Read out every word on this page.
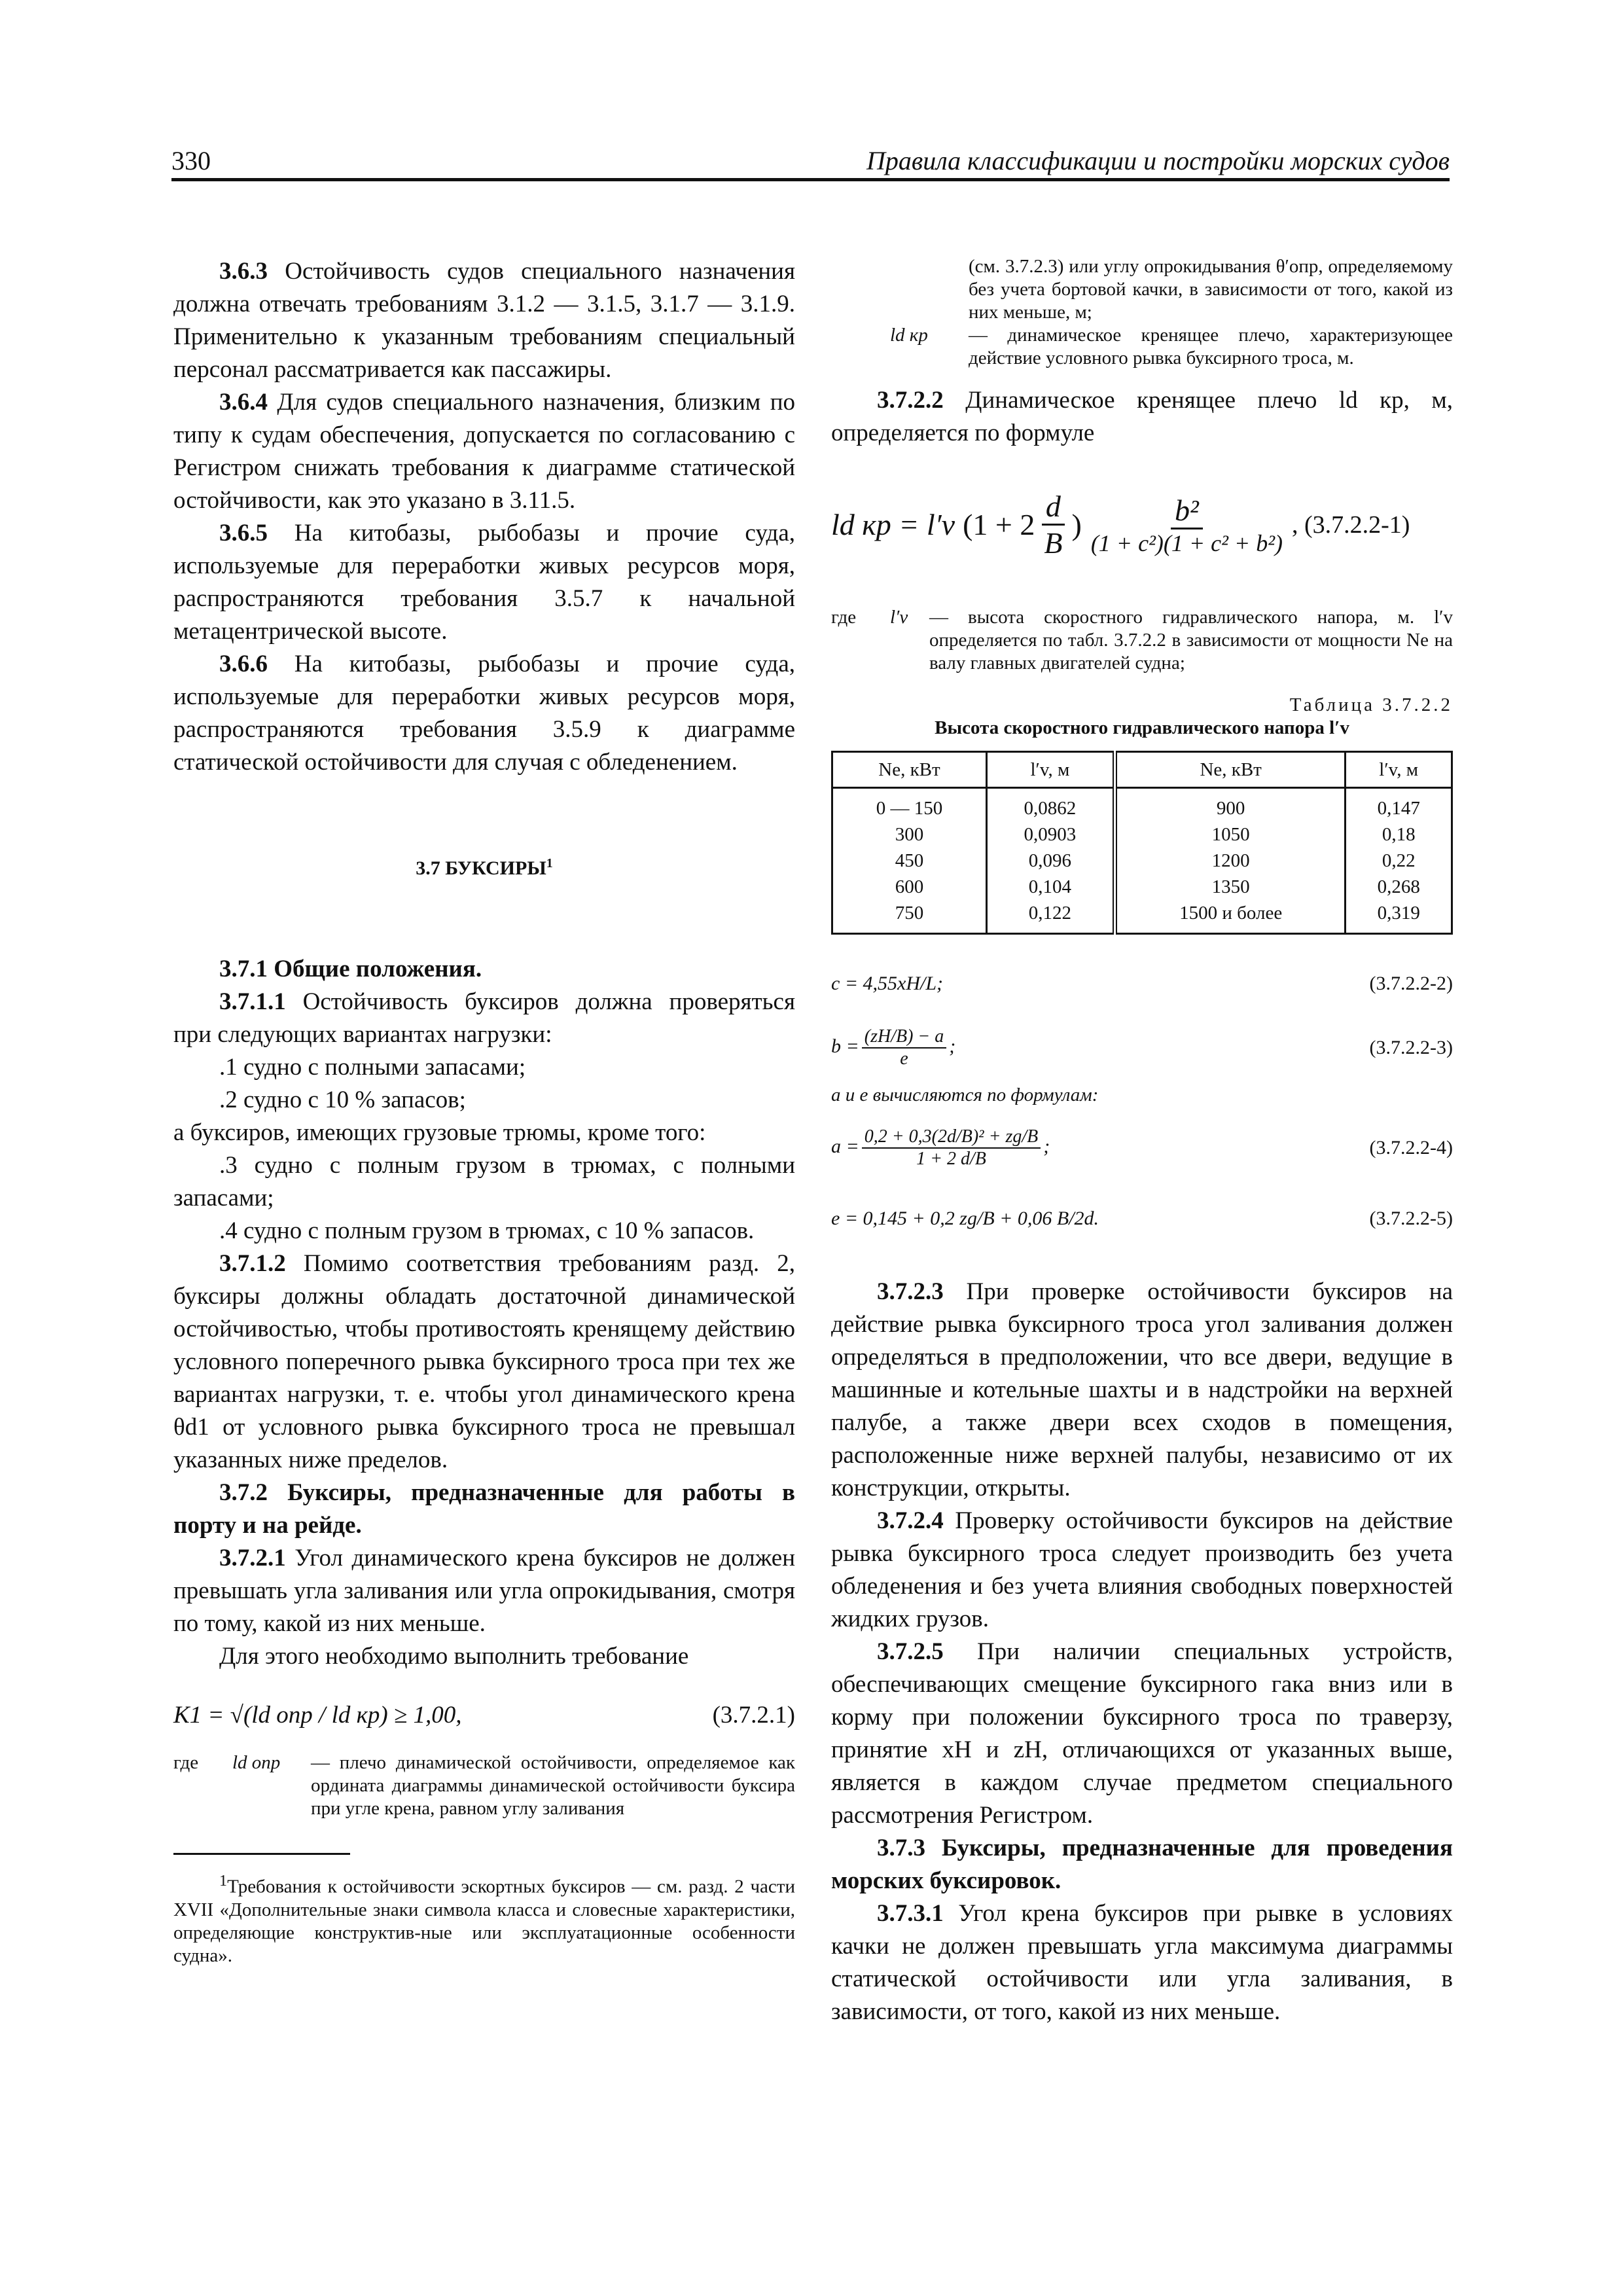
330	Правила классификации и постройки морских судов

3.6.3 Остойчивость судов специального назначения должна отвечать требованиям 3.1.2 — 3.1.5, 3.1.7 — 3.1.9. Применительно к указанным требованиям специальный персонал рассматривается как пассажиры.

3.6.4 Для судов специального назначения, близким по типу к судам обеспечения, допускается по согласованию с Регистром снижать требования к диаграмме статической остойчивости, как это указано в 3.11.5.

3.6.5 На китобазы, рыбобазы и прочие суда, используемые для переработки живых ресурсов моря, распространяются требования 3.5.7 к начальной метацентрической высоте.

3.6.6 На китобазы, рыбобазы и прочие суда, используемые для переработки живых ресурсов моря, распространяются требования 3.5.9 к диаграмме статической остойчивости для случая с обледенением.

3.7 БУКСИРЫ$^1$

3.7.1 Общие положения.

3.7.1.1 Остойчивость буксиров должна проверяться при следующих вариантах нагрузки:

.1 судно с полными запасами;

.2 судно с 10 % запасов;

а буксиров, имеющих грузовые трюмы, кроме того:

.3 судно с полным грузом в трюмах, с полными запасами;

.4 судно с полным грузом в трюмах, с 10 % запасов.

3.7.1.2 Помимо соответствия требованиям разд. 2, буксиры должны обладать достаточной динамической остойчивостью, чтобы противостоять кренящему действию условного поперечного рывка буксирного троса при тех же вариантах нагрузки, т. е. чтобы угол динамического крена θd1 от условного рывка буксирного троса не превышал указанных ниже пределов.

3.7.2 Буксиры, предназначенные для работы в порту и на рейде.

3.7.2.1 Угол динамического крена буксиров не должен превышать угла заливания или угла опрокидывания, смотря по тому, какой из них меньше.

Для этого необходимо выполнить требование

K1 = √(ld опр / ld кр) ≥ 1,00,	(3.7.2.1)
где	ld опр	— плечо динамической остойчивости, определяемое как ордината диаграммы динамической остойчивости буксира при угле крена, равном углу заливания

$^1$Требования к остойчивости эскортных буксиров — см. разд. 2 части XVII «Дополнительные знаки символа класса и словесные характеристики, определяющие конструктив-ные или эксплуатационные особенности судна».

(см. 3.7.2.3) или углу опрокидывания θ′опр, определяемому без учета бортовой качки, в зависимости от того, какой из них меньше, м;
ld кр	— динамическое кренящее плечо, характеризующее действие условного рывка буксирного троса, м.

3.7.2.2 Динамическое кренящее плечо ld кр, м, определяется по формуле

ld кр = l′v ($1 + 2 \frac{d}{B}$ ) $\frac{\text{b²}}{\text{(1 + c²)(1 + c² + b²)}}$ , (3.7.2.2-1)
где	l′v	— высота скоростного гидравлического напора, м. l′v определяется по табл. 3.7.2.2 в зависимости от мощности Ne на валу главных двигателей судна;
Таблица 3.7.2.2
Высота скоростного гидравлического напора l′v
Ne, кВт	l′v, м	Ne, кВт	l′v, м
0 — 150	0,0862	900	0,147
300	0,0903	1050	0,18
450	0,096	1200	0,22
600	0,104	1350	0,268
750	0,122	1500 и более	0,319
c = 4,55xH/L;	(3.7.2.2-2)
$b = \frac{(zH/B) - a}{e}$ ;	(3.7.2.2-3)
a и e вычисляются по формулам:
$a = \frac{\text{0,2 + 0,3(2d/B)² + zg/B}}{1 + 2 d/B}$ ;	(3.7.2.2-4)
e = 0,145 + 0,2 zg/B + 0,06 B/2d.	(3.7.2.2-5)

3.7.2.3 При проверке остойчивости буксиров на действие рывка буксирного троса угол заливания должен определяться в предположении, что все двери, ведущие в машинные и котельные шахты и в надстройки на верхней палубе, а также двери всех сходов в помещения, расположенные ниже верхней палубы, независимо от их конструкции, открыты.

3.7.2.4 Проверку остойчивости буксиров на действие рывка буксирного троса следует производить без учета обледенения и без учета влияния свободных поверхностей жидких грузов.

3.7.2.5 При наличии специальных устройств, обеспечивающих смещение буксирного гака вниз или в корму при положении буксирного троса по траверзу, принятие xH и zH, отличающихся от указанных выше, является в каждом случае предметом специального рассмотрения Регистром.

3.7.3 Буксиры, предназначенные для проведения морских буксировок.

3.7.3.1 Угол крена буксиров при рывке в условиях качки не должен превышать угла максимума диаграммы статической остойчивости или угла заливания, в зависимости, от того, какой из них меньше.
